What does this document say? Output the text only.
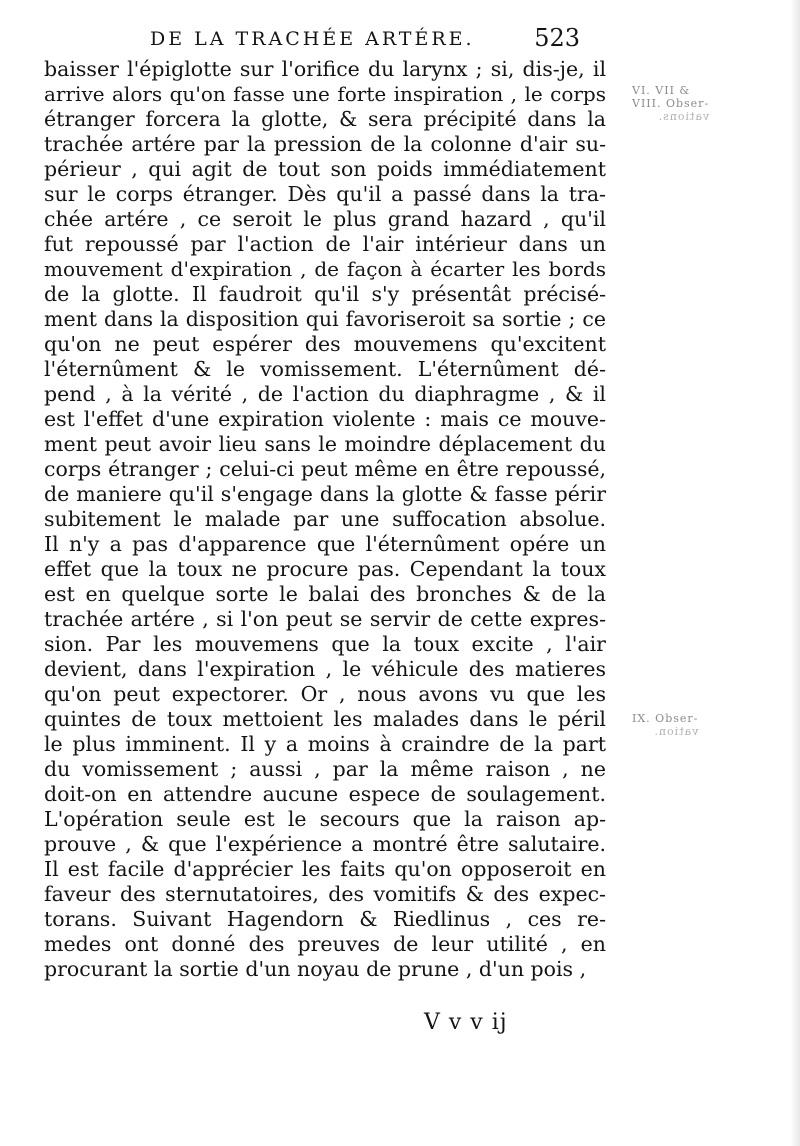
DE LA TRACHÉE ARTÉRE. 523
VI. VII &
VIII. Obser-
vations.
IX. Obser-
vation.
baisser l'épiglotte sur l'orifice du larynx ; si, dis-je, il
arrive alors qu'on fasse une forte inspiration , le corps
étranger forcera la glotte, & sera précipité dans la
trachée artére par la pression de la colonne d'air su-
périeur , qui agit de tout son poids immédiatement
sur le corps étranger. Dès qu'il a passé dans la tra-
chée artére , ce seroit le plus grand hazard , qu'il
fut repoussé par l'action de l'air intérieur dans un
mouvement d'expiration , de façon à écarter les bords
de la glotte. Il faudroit qu'il s'y présentât précisé-
ment dans la disposition qui favoriseroit sa sortie ; ce
qu'on ne peut espérer des mouvemens qu'excitent
l'éternûment & le vomissement. L'éternûment dé-
pend , à la vérité , de l'action du diaphragme , & il
est l'effet d'une expiration violente : mais ce mouve-
ment peut avoir lieu sans le moindre déplacement du
corps étranger ; celui-ci peut même en être repoussé,
de maniere qu'il s'engage dans la glotte & fasse périr
subitement le malade par une suffocation absolue.
Il n'y a pas d'apparence que l'éternûment opére un
effet que la toux ne procure pas. Cependant la toux
est en quelque sorte le balai des bronches & de la
trachée artére , si l'on peut se servir de cette expres-
sion. Par les mouvemens que la toux excite , l'air
devient, dans l'expiration , le véhicule des matieres
qu'on peut expectorer. Or , nous avons vu que les
quintes de toux mettoient les malades dans le péril
le plus imminent. Il y a moins à craindre de la part
du vomissement ; aussi , par la même raison , ne
doit-on en attendre aucune espece de soulagement.
L'opération seule est le secours que la raison ap-
prouve , & que l'expérience a montré être salutaire.
Il est facile d'apprécier les faits qu'on opposeroit en
faveur des sternutatoires, des vomitifs & des expec-
torans. Suivant Hagendorn & Riedlinus , ces re-
medes ont donné des preuves de leur utilité , en
procurant la sortie d'un noyau de prune , d'un pois ,
V v v ij
